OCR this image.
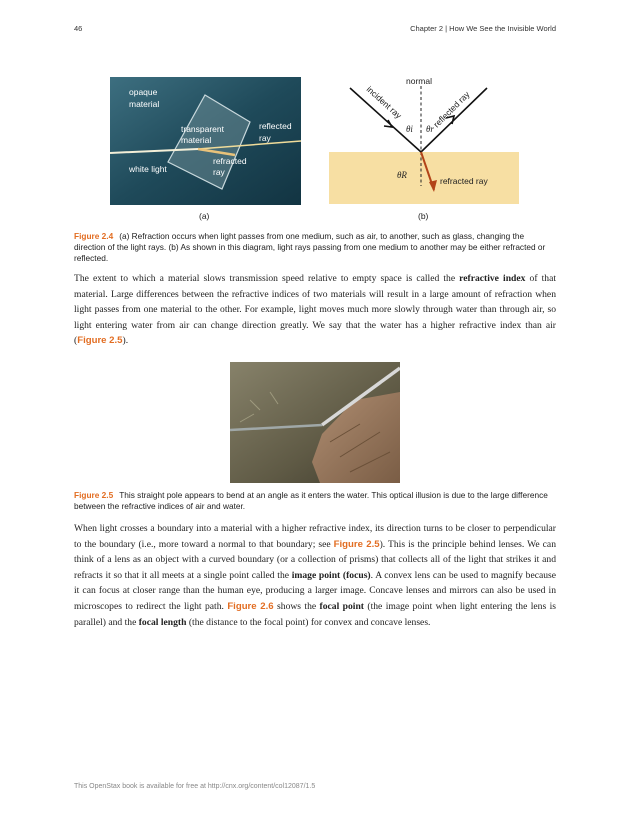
46	Chapter 2 | How We See the Invisible World
opaque
material
transparent
material
reflected
ray
white light
refracted
ray
normal
incident ray	reflected ray
θi θr
θR
refracted ray
(a)	(b)
Figure 2.4 (a) Refraction occurs when light passes from one medium, such as air, to another, such as glass, changing the direction of the light rays. (b) As shown in this diagram, light rays passing from one medium to another may be either refracted or reflected.
The extent to which a material slows transmission speed relative to empty space is called the refractive index of that material. Large differences between the refractive indices of two materials will result in a large amount of refraction when light passes from one material to the other. For example, light moves much more slowly through water than through air, so light entering water from air can change direction greatly. We say that the water has a higher refractive index than air (Figure 2.5).
Figure 2.5 This straight pole appears to bend at an angle as it enters the water. This optical illusion is due to the large difference between the refractive indices of air and water.
When light crosses a boundary into a material with a higher refractive index, its direction turns to be closer to perpendicular to the boundary (i.e., more toward a normal to that boundary; see Figure 2.5). This is the principle behind lenses. We can think of a lens as an object with a curved boundary (or a collection of prisms) that collects all of the light that strikes it and refracts it so that it all meets at a single point called the image point (focus). A convex lens can be used to magnify because it can focus at closer range than the human eye, producing a larger image. Concave lenses and mirrors can also be used in microscopes to redirect the light path. Figure 2.6 shows the focal point (the image point when light entering the lens is parallel) and the focal length (the distance to the focal point) for convex and concave lenses.
This OpenStax book is available for free at http://cnx.org/content/col12087/1.5
